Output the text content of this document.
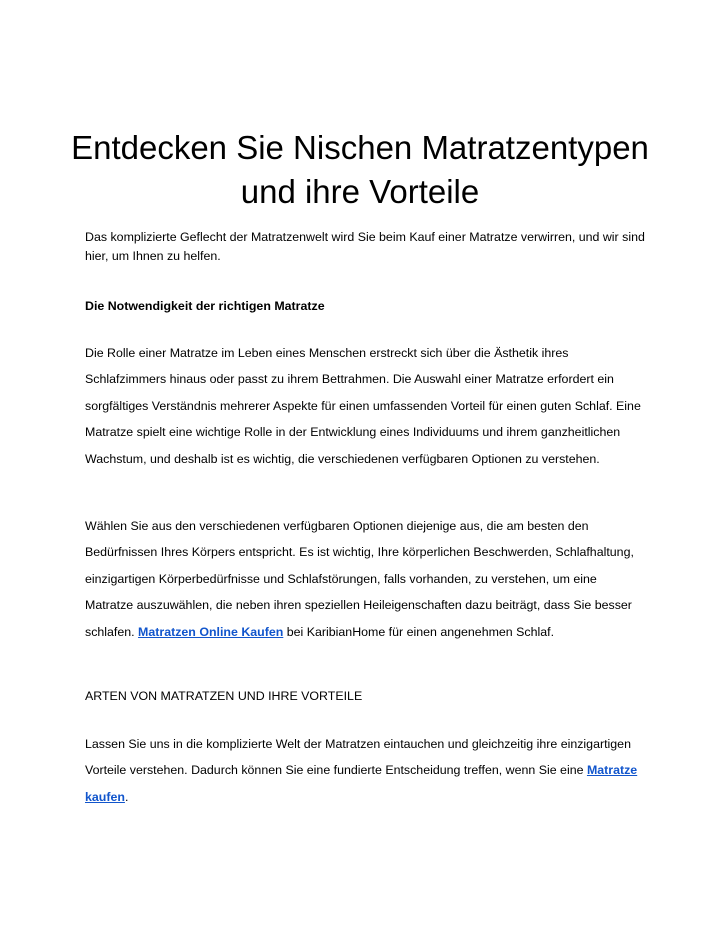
Entdecken Sie Nischen Matratzentypen und ihre Vorteile

Das komplizierte Geflecht der Matratzenwelt wird Sie beim Kauf einer Matratze verwirren, und wir sind hier, um Ihnen zu helfen.

Die Notwendigkeit der richtigen Matratze

Die Rolle einer Matratze im Leben eines Menschen erstreckt sich über die Ästhetik ihres Schlafzimmers hinaus oder passt zu ihrem Bettrahmen. Die Auswahl einer Matratze erfordert ein sorgfältiges Verständnis mehrerer Aspekte für einen umfassenden Vorteil für einen guten Schlaf. Eine Matratze spielt eine wichtige Rolle in der Entwicklung eines Individuums und ihrem ganzheitlichen Wachstum, und deshalb ist es wichtig, die verschiedenen verfügbaren Optionen zu verstehen.

Wählen Sie aus den verschiedenen verfügbaren Optionen diejenige aus, die am besten den Bedürfnissen Ihres Körpers entspricht. Es ist wichtig, Ihre körperlichen Beschwerden, Schlafhaltung, einzigartigen Körperbedürfnisse und Schlafstörungen, falls vorhanden, zu verstehen, um eine Matratze auszuwählen, die neben ihren speziellen Heileigenschaften dazu beiträgt, dass Sie besser schlafen. Matratzen Online Kaufen bei KaribianHome für einen angenehmen Schlaf.

ARTEN VON MATRATZEN UND IHRE VORTEILE

Lassen Sie uns in die komplizierte Welt der Matratzen eintauchen und gleichzeitig ihre einzigartigen Vorteile verstehen. Dadurch können Sie eine fundierte Entscheidung treffen, wenn Sie eine Matratze kaufen.
